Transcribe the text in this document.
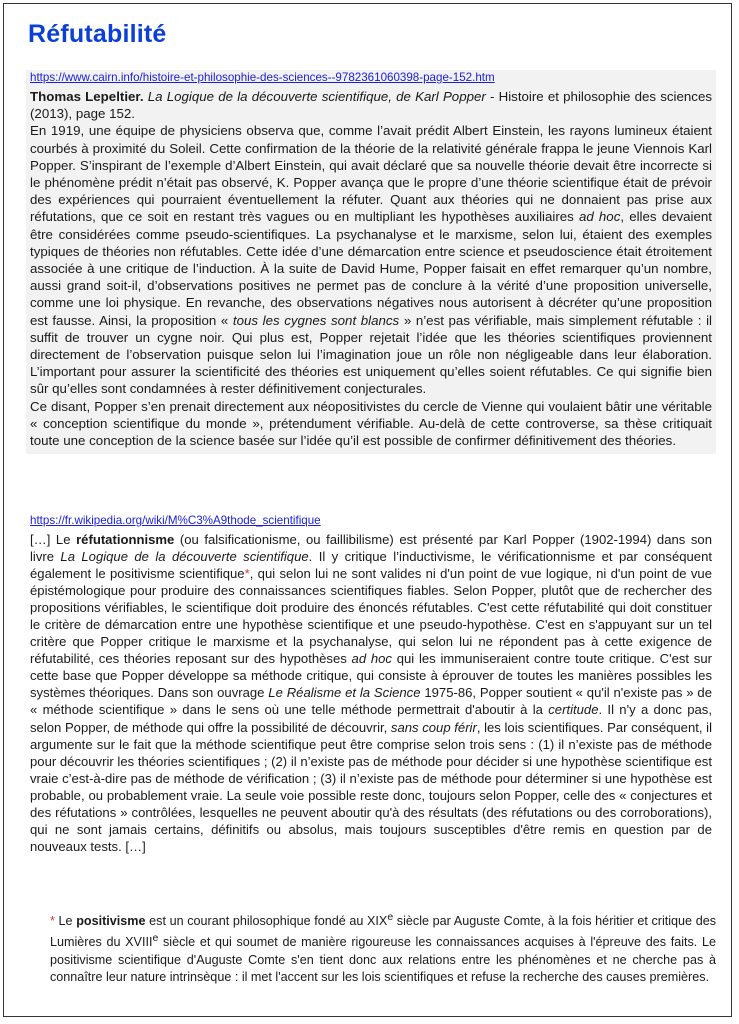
Réfutabilité
https://www.cairn.info/histoire-et-philosophie-des-sciences--9782361060398-page-152.htm

Thomas Lepeltier. La Logique de la découverte scientifique, de Karl Popper - Histoire et philosophie des sciences (2013), page 152.

En 1919, une équipe de physiciens observa que, comme l’avait prédit Albert Einstein, les rayons lumineux étaient courbés à proximité du Soleil. Cette confirmation de la théorie de la relativité générale frappa le jeune Viennois Karl Popper. S’inspirant de l’exemple d’Albert Einstein, qui avait déclaré que sa nouvelle théorie devait être incorrecte si le phénomène prédit n’était pas observé, K. Popper avança que le propre d’une théorie scientifique était de prévoir des expériences qui pourraient éventuellement la réfuter. Quant aux théories qui ne donnaient pas prise aux réfutations, que ce soit en restant très vagues ou en multipliant les hypothèses auxiliaires ad hoc, elles devaient être considérées comme pseudo-scientifiques. La psychanalyse et le marxisme, selon lui, étaient des exemples typiques de théories non réfutables. Cette idée d’une démarcation entre science et pseudoscience était étroitement associée à une critique de l’induction. À la suite de David Hume, Popper faisait en effet remarquer qu’un nombre, aussi grand soit-il, d’observations positives ne permet pas de conclure à la vérité d’une proposition universelle, comme une loi physique. En revanche, des observations négatives nous autorisent à décréter qu’une proposition est fausse. Ainsi, la proposition « tous les cygnes sont blancs » n’est pas vérifiable, mais simplement réfutable : il suffit de trouver un cygne noir. Qui plus est, Popper rejetait l’idée que les théories scientifiques proviennent directement de l’observation puisque selon lui l’imagination joue un rôle non négligeable dans leur élaboration. L’important pour assurer la scientificité des théories est uniquement qu’elles soient réfutables. Ce qui signifie bien sûr qu’elles sont condamnées à rester définitivement conjecturales.

Ce disant, Popper s’en prenait directement aux néopositivistes du cercle de Vienne qui voulaient bâtir une véritable « conception scientifique du monde », prétendument vérifiable. Au-delà de cette controverse, sa thèse critiquait toute une conception de la science basée sur l’idée qu’il est possible de confirmer définitivement des théories.

https://fr.wikipedia.org/wiki/M%C3%A9thode_scientifique

[…] Le réfutationnisme (ou falsificationisme, ou faillibilisme) est présenté par Karl Popper (1902-1994) dans son livre La Logique de la découverte scientifique. Il y critique l’inductivisme, le vérificationnisme et par conséquent également le positivisme scientifique*, qui selon lui ne sont valides ni d'un point de vue logique, ni d'un point de vue épistémologique pour produire des connaissances scientifiques fiables. Selon Popper, plutôt que de rechercher des propositions vérifiables, le scientifique doit produire des énoncés réfutables. C'est cette réfutabilité qui doit constituer le critère de démarcation entre une hypothèse scientifique et une pseudo-hypothèse. C'est en s'appuyant sur un tel critère que Popper critique le marxisme et la psychanalyse, qui selon lui ne répondent pas à cette exigence de réfutabilité, ces théories reposant sur des hypothèses ad hoc qui les immuniseraient contre toute critique. C'est sur cette base que Popper développe sa méthode critique, qui consiste à éprouver de toutes les manières possibles les systèmes théoriques. Dans son ouvrage Le Réalisme et la Science 1975-86, Popper soutient « qu'il n'existe pas » de « méthode scientifique » dans le sens où une telle méthode permettrait d'aboutir à la certitude. Il n'y a donc pas, selon Popper, de méthode qui offre la possibilité de découvrir, sans coup férir, les lois scientifiques. Par conséquent, il argumente sur le fait que la méthode scientifique peut être comprise selon trois sens : (1) il n’existe pas de méthode pour découvrir les théories scientifiques ; (2) il n’existe pas de méthode pour décider si une hypothèse scientifique est vraie c’est-à-dire pas de méthode de vérification ; (3) il n’existe pas de méthode pour déterminer si une hypothèse est probable, ou probablement vraie. La seule voie possible reste donc, toujours selon Popper, celle des « conjectures et des réfutations » contrôlées, lesquelles ne peuvent aboutir qu'à des résultats (des réfutations ou des corroborations), qui ne sont jamais certains, définitifs ou absolus, mais toujours susceptibles d'être remis en question par de nouveaux tests. […]

* Le positivisme est un courant philosophique fondé au XIXe siècle par Auguste Comte, à la fois héritier et critique des Lumières du XVIIIe siècle et qui soumet de manière rigoureuse les connaissances acquises à l'épreuve des faits. Le positivisme scientifique d'Auguste Comte s'en tient donc aux relations entre les phénomènes et ne cherche pas à connaître leur nature intrinsèque : il met l'accent sur les lois scientifiques et refuse la recherche des causes premières.
